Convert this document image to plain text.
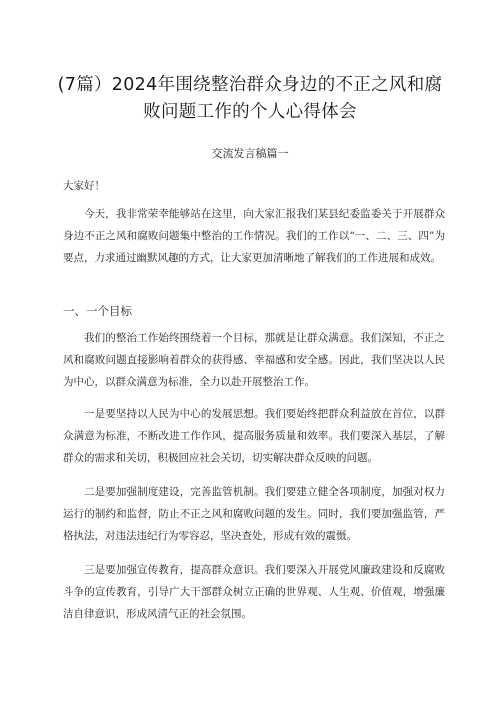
(7篇）2024年围绕整治群众身边的不正之风和腐
败问题工作的个人心得体会
交流发言稿篇一

大家好！

今天，我非常荣幸能够站在这里，向大家汇报我们某县纪委监委关于开展群众身边不正之风和腐败问题集中整治的工作情况。我们的工作以“一、二、三、四”为要点，力求通过幽默风趣的方式，让大家更加清晰地了解我们的工作进展和成效。

一、一个目标

我们的整治工作始终围绕着一个目标，那就是让群众满意。我们深知，不正之风和腐败问题直接影响着群众的获得感、幸福感和安全感。因此，我们坚决以人民为中心，以群众满意为标准，全力以赴开展整治工作。

一是要坚持以人民为中心的发展思想。我们要始终把群众利益放在首位，以群众满意为标准，不断改进工作作风，提高服务质量和效率。我们要深入基层，了解群众的需求和关切，积极回应社会关切，切实解决群众反映的问题。

二是要加强制度建设，完善监管机制。我们要建立健全各项制度，加强对权力运行的制约和监督，防止不正之风和腐败问题的发生。同时，我们要加强监管，严格执法，对违法违纪行为零容忍，坚决查处，形成有效的震慑。

三是要加强宣传教育，提高群众意识。我们要深入开展党风廉政建设和反腐败斗争的宣传教育，引导广大干部群众树立正确的世界观、人生观、价值观，增强廉洁自律意识，形成风清气正的社会氛围。
